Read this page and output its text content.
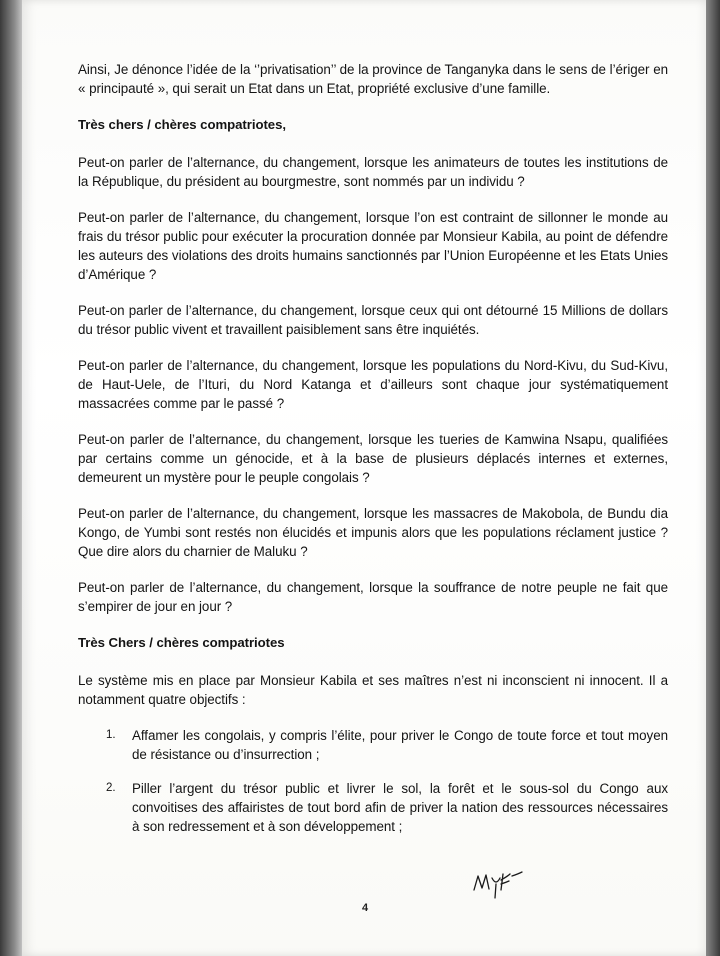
Ainsi, Je dénonce l’idée de la ‘’privatisation’’ de la province de Tanganyka dans le sens de l’ériger en « principauté », qui serait un Etat dans un Etat, propriété exclusive d’une famille.

Très chers / chères compatriotes,

Peut-on parler de l’alternance, du changement, lorsque les animateurs de toutes les institutions de la République, du président au bourgmestre, sont nommés par un individu ?

Peut-on parler de l’alternance, du changement, lorsque l’on est contraint de sillonner le monde au frais du trésor public pour exécuter la procuration donnée par Monsieur Kabila, au point de défendre les auteurs des violations des droits humains sanctionnés par l’Union Européenne et les Etats Unies d’Amérique ?

Peut-on parler de l’alternance, du changement, lorsque ceux qui ont détourné 15 Millions de dollars du trésor public vivent et travaillent paisiblement sans être inquiétés.

Peut-on parler de l’alternance, du changement, lorsque les populations du Nord-Kivu, du Sud-Kivu, de Haut-Uele, de l’Ituri, du Nord Katanga et d’ailleurs sont chaque jour systématiquement massacrées comme par le passé ?

Peut-on parler de l’alternance, du changement, lorsque les tueries de Kamwina Nsapu, qualifiées par certains comme un génocide, et à la base de plusieurs déplacés internes et externes, demeurent un mystère pour le peuple congolais ?

Peut-on parler de l’alternance, du changement, lorsque les massacres de Makobola, de Bundu dia Kongo, de Yumbi sont restés non élucidés et impunis alors que les populations réclament justice ? Que dire alors du charnier de Maluku ?

Peut-on parler de l’alternance, du changement, lorsque la souffrance de notre peuple ne fait que s’empirer de jour en jour ?

Très Chers / chères compatriotes

Le système mis en place par Monsieur Kabila et ses maîtres n’est ni inconscient ni innocent. Il a notamment quatre objectifs :

1. Affamer les congolais, y compris l’élite, pour priver le Congo de toute force et tout moyen de résistance ou d’insurrection ;
2. Piller l’argent du trésor public et livrer le sol, la forêt et le sous-sol du Congo aux convoitises des affairistes de tout bord afin de priver la nation des ressources nécessaires à son redressement et à son développement ;
4
